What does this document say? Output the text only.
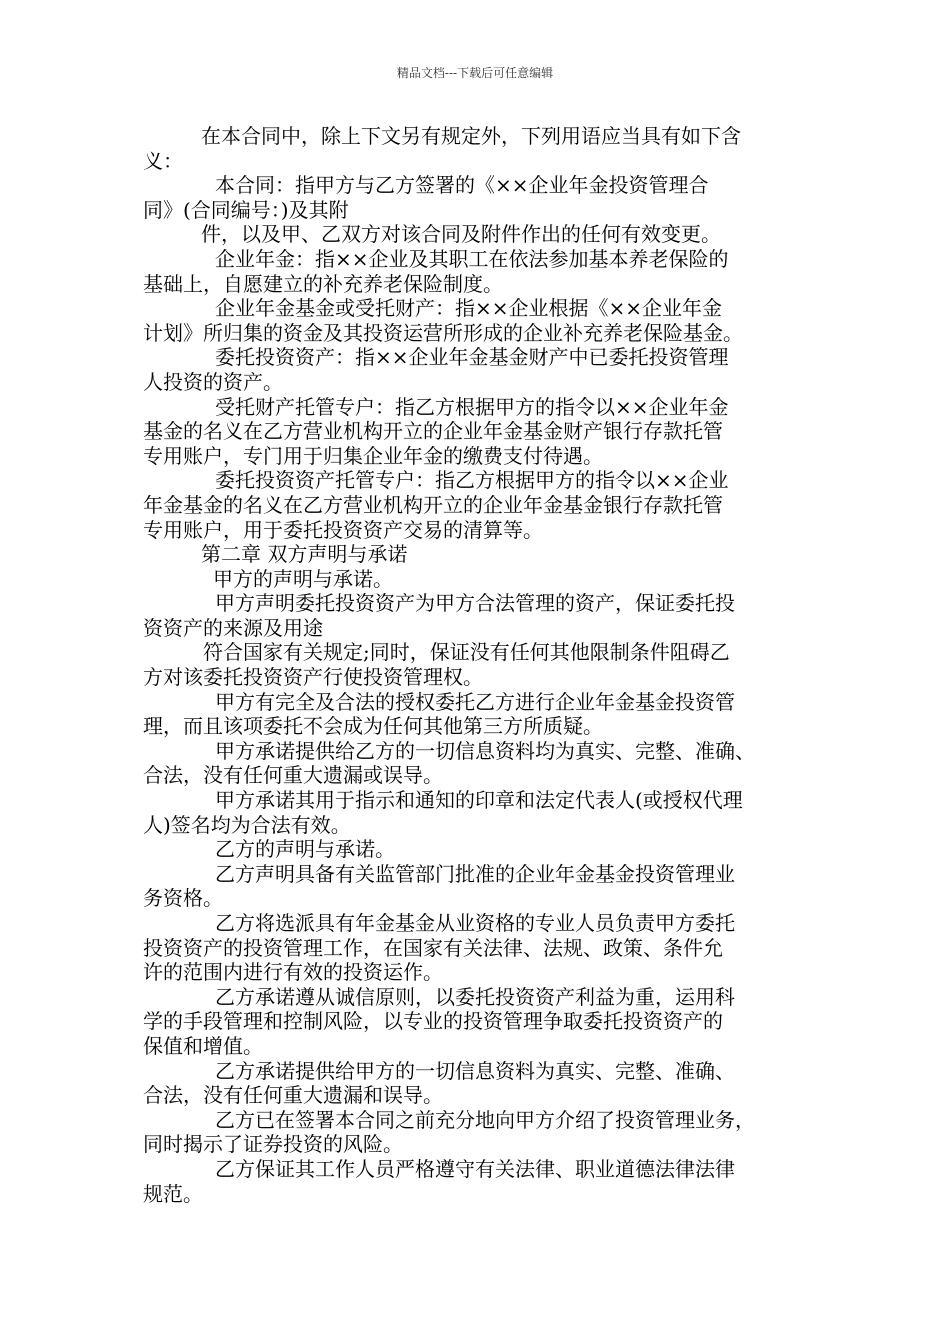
精品文档---下载后可任意编辑
在本合同中，除上下文另有规定外，下列用语应当具有如下含
义：
本合同：指甲方与乙方签署的《××企业年金投资管理合
同》(合同编号：)及其附
件，以及甲、乙双方对该合同及附件作出的任何有效变更。
企业年金：指××企业及其职工在依法参加基本养老保险的
基础上，自愿建立的补充养老保险制度。
企业年金基金或受托财产：指××企业根据《××企业年金
计划》所归集的资金及其投资运营所形成的企业补充养老保险基金。
委托投资资产：指××企业年金基金财产中已委托投资管理
人投资的资产。
受托财产托管专户：指乙方根据甲方的指令以××企业年金
基金的名义在乙方营业机构开立的企业年金基金财产银行存款托管
专用账户，专门用于归集企业年金的缴费支付待遇。
委托投资资产托管专户：指乙方根据甲方的指令以××企业
年金基金的名义在乙方营业机构开立的企业年金基金银行存款托管
专用账户，用于委托投资资产交易的清算等。
第二章 双方声明与承诺
甲方的声明与承诺。
甲方声明委托投资资产为甲方合法管理的资产，保证委托投
资资产的来源及用途
符合国家有关规定;同时，保证没有任何其他限制条件阻碍乙
方对该委托投资资产行使投资管理权。
甲方有完全及合法的授权委托乙方进行企业年金基金投资管
理，而且该项委托不会成为任何其他第三方所质疑。
甲方承诺提供给乙方的一切信息资料均为真实、完整、准确、
合法，没有任何重大遗漏或误导。
甲方承诺其用于指示和通知的印章和法定代表人(或授权代理
人)签名均为合法有效。
乙方的声明与承诺。
乙方声明具备有关监管部门批准的企业年金基金投资管理业
务资格。
乙方将选派具有年金基金从业资格的专业人员负责甲方委托
投资资产的投资管理工作，在国家有关法律、法规、政策、条件允
许的范围内进行有效的投资运作。
乙方承诺遵从诚信原则，以委托投资资产利益为重，运用科
学的手段管理和控制风险，以专业的投资管理争取委托投资资产的
保值和增值。
乙方承诺提供给甲方的一切信息资料为真实、完整、准确、
合法，没有任何重大遗漏和误导。
乙方已在签署本合同之前充分地向甲方介绍了投资管理业务，
同时揭示了证券投资的风险。
乙方保证其工作人员严格遵守有关法律、职业道德法律法律
规范。
